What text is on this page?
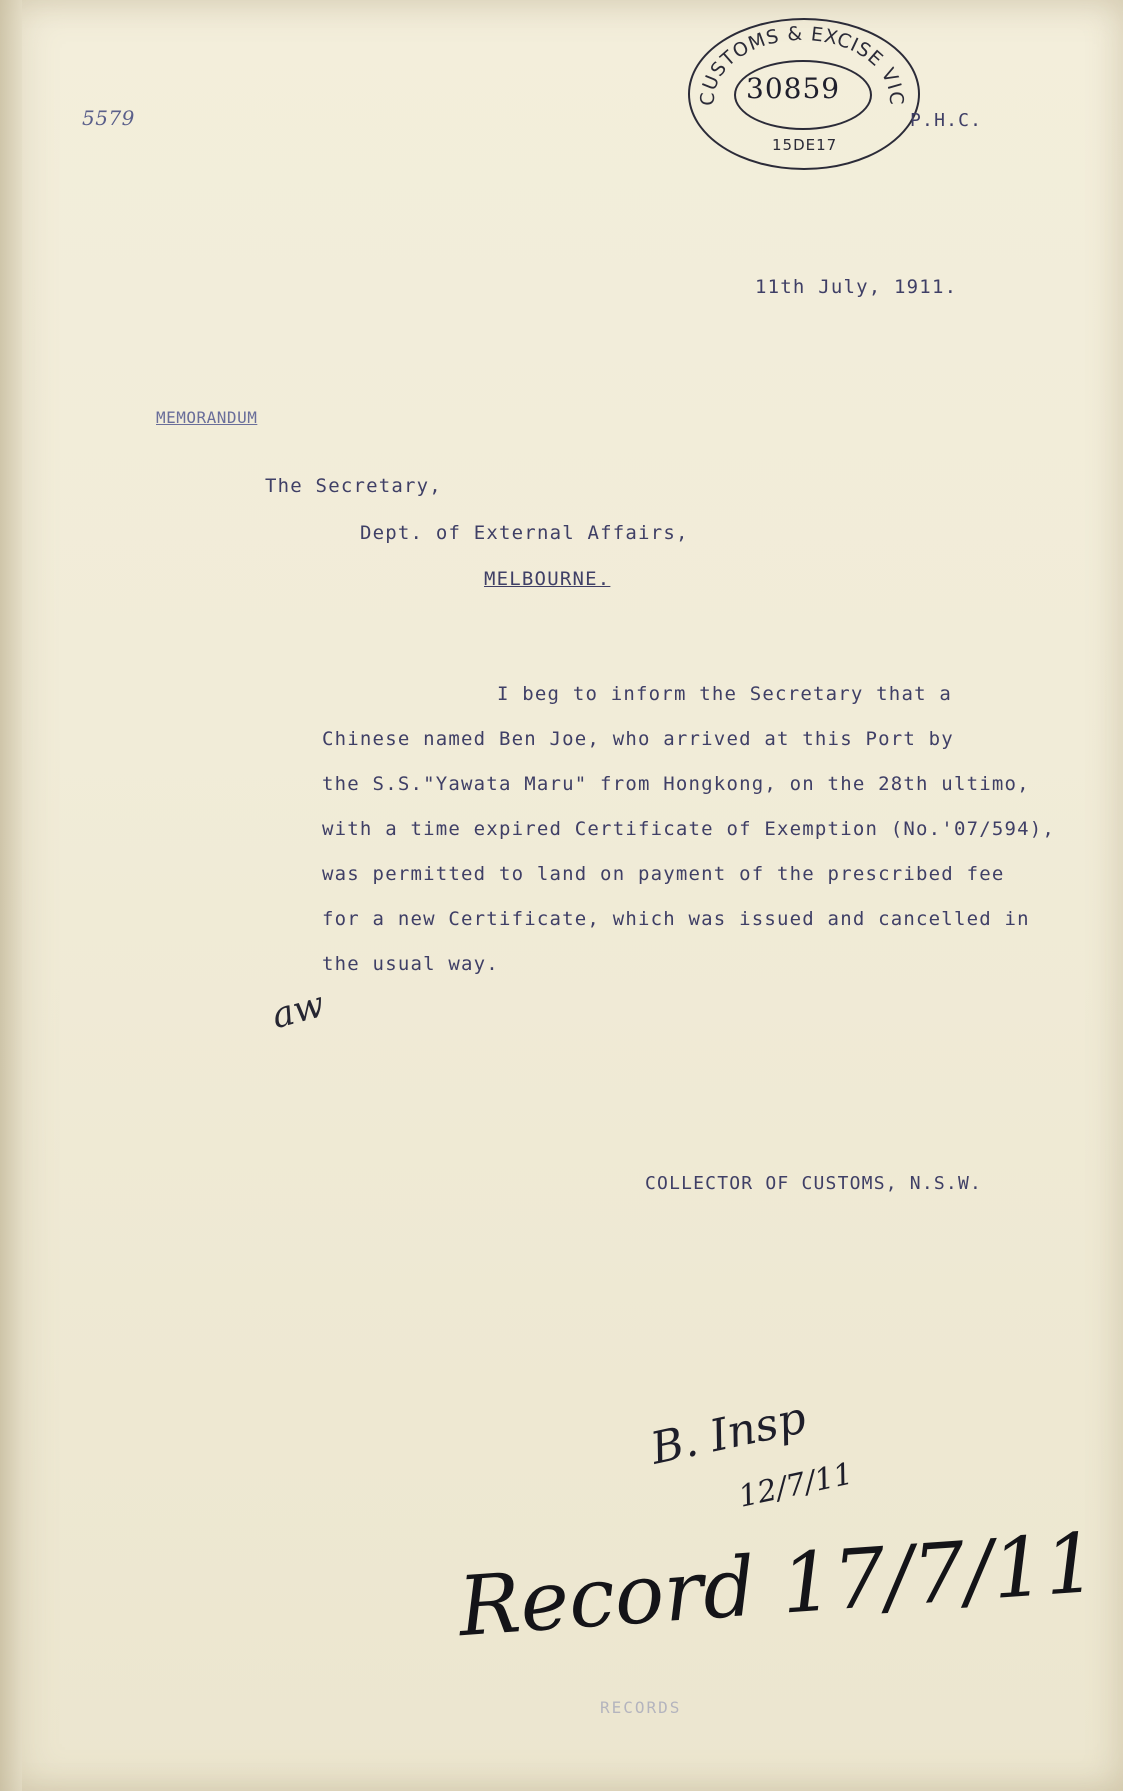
5579
CUSTOMS & EXCISE VIC
30859
15DE17
P.H.C.
11th July, 1911.
MEMORANDUM
The Secretary,
Dept. of External Affairs,
MELBOURNE.
I beg to inform the Secretary that a
Chinese named Ben Joe, who arrived at this Port by
the S.S."Yawata Maru" from Hongkong, on the 28th ultimo,
with a time expired Certificate of Exemption (No.'07/594),
was permitted to land on payment of the prescribed fee
for a new Certificate, which was issued and cancelled in
the usual way.
aw
COLLECTOR OF CUSTOMS, N.S.W.
B. Insp
12/7/11
Record 17/7/11
RECORDS
